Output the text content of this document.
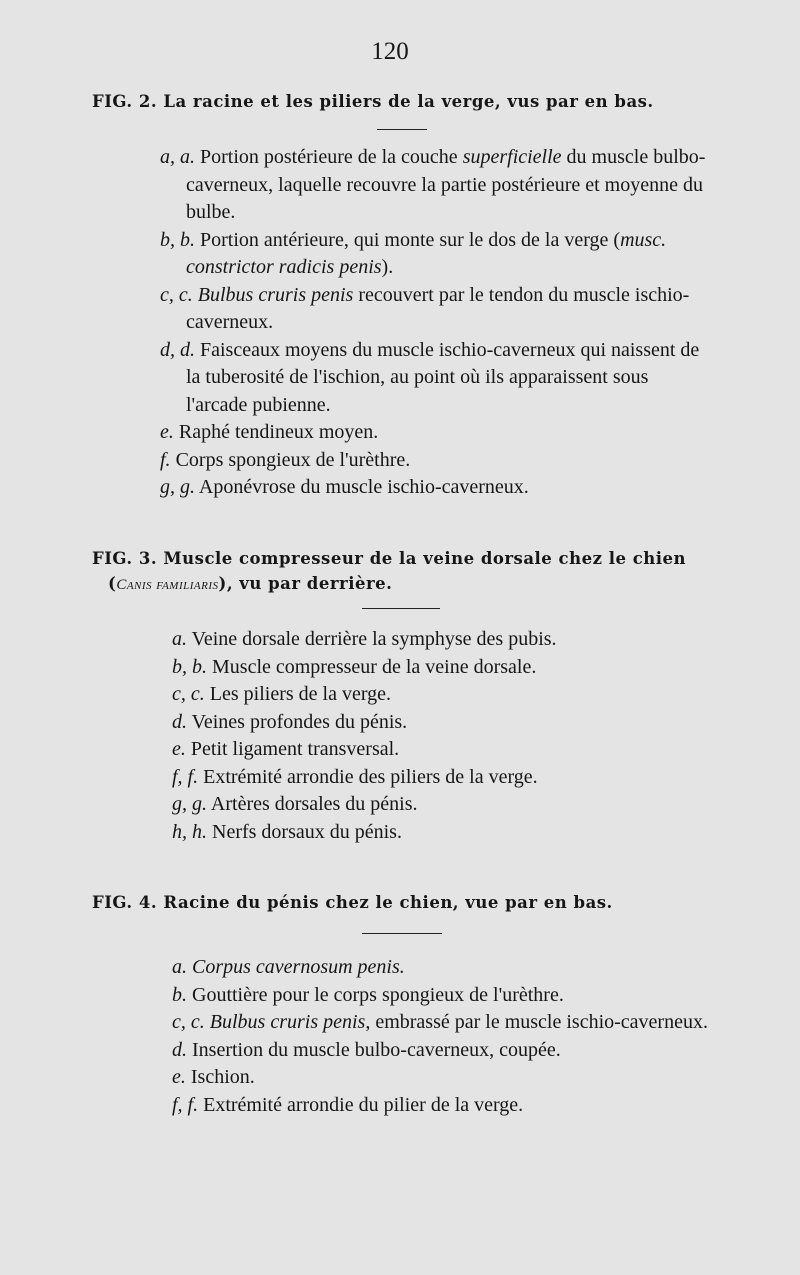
120
FIG. 2. La racine et les piliers de la verge, vus par en bas.
a, a. Portion postérieure de la couche superficielle du muscle bulbo-caverneux, laquelle recouvre la partie postérieure et moyenne du bulbe.
b, b. Portion antérieure, qui monte sur le dos de la verge (musc. constrictor radicis penis).
c, c. Bulbus cruris penis recouvert par le tendon du muscle ischio-caverneux.
d, d. Faisceaux moyens du muscle ischio-caverneux qui naissent de la tuberosité de l'ischion, au point où ils apparaissent sous l'arcade pubienne.
e. Raphé tendineux moyen.
f. Corps spongieux de l'urèthre.
g, g. Aponévrose du muscle ischio-caverneux.
FIG. 3. Muscle compresseur de la veine dorsale chez le chien
(Canis familiaris), vu par derrière.
a. Veine dorsale derrière la symphyse des pubis.
b, b. Muscle compresseur de la veine dorsale.
c, c. Les piliers de la verge.
d. Veines profondes du pénis.
e. Petit ligament transversal.
f, f. Extrémité arrondie des piliers de la verge.
g, g. Artères dorsales du pénis.
h, h. Nerfs dorsaux du pénis.
FIG. 4. Racine du pénis chez le chien, vue par en bas.
a. Corpus cavernosum penis.
b. Gouttière pour le corps spongieux de l'urèthre.
c, c. Bulbus cruris penis, embrassé par le muscle ischio-caverneux.
d. Insertion du muscle bulbo-caverneux, coupée.
e. Ischion.
f, f. Extrémité arrondie du pilier de la verge.
